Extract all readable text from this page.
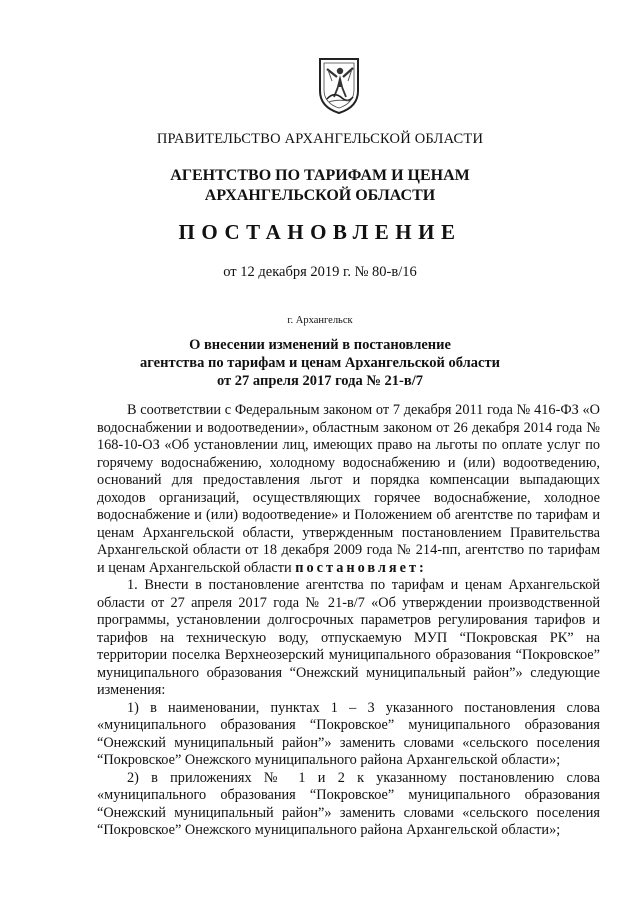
ПРАВИТЕЛЬСТВО АРХАНГЕЛЬСКОЙ ОБЛАСТИ
АГЕНТСТВО ПО ТАРИФАМ И ЦЕНАМ
АРХАНГЕЛЬСКОЙ ОБЛАСТИ
ПОСТАНОВЛЕНИЕ
от 12 декабря 2019 г. № 80-в/16
г. Архангельск
О внесении изменений в постановление
агентства по тарифам и ценам Архангельской области
от 27 апреля 2017 года № 21-в/7

В соответствии с Федеральным законом от 7 декабря 2011 года № 416-ФЗ «О водоснабжении и водоотведении», областным законом от 26 декабря 2014 года № 168-10-ОЗ «Об установлении лиц, имеющих право на льготы по оплате услуг по горячему водоснабжению, холодному водоснабжению и (или) водоотведению, оснований для предоставления льгот и порядка компенсации выпадающих доходов организаций, осуществляющих горячее водоснабжение, холодное водоснабжение и (или) водоотведение» и Положением об агентстве по тарифам и ценам Архангельской области, утвержденным постановлением Правительства Архангельской области от 18 декабря 2009 года № 214-пп, агентство по тарифам и ценам Архангельской области постановляет:

1. Внести в постановление агентства по тарифам и ценам Архангельской области от 27 апреля 2017 года № 21-в/7 «Об утверждении производственной программы, установлении долгосрочных параметров регулирования тарифов и тарифов на техническую воду, отпускаемую МУП “Покровская РК” на территории поселка Верхнеозерский муниципального образования “Покровское” муниципального образования “Онежский муниципальный район”» следующие изменения:

1) в наименовании, пунктах 1 – 3 указанного постановления слова «муниципального образования “Покровское” муниципального образования “Онежский муниципальный район”» заменить словами «сельского поселения “Покровское” Онежского муниципального района Архангельской области»;

2) в приложениях № 1 и 2 к указанному постановлению слова «муниципального образования “Покровское” муниципального образования “Онежский муниципальный район”» заменить словами «сельского поселения “Покровское” Онежского муниципального района Архангельской области»;
